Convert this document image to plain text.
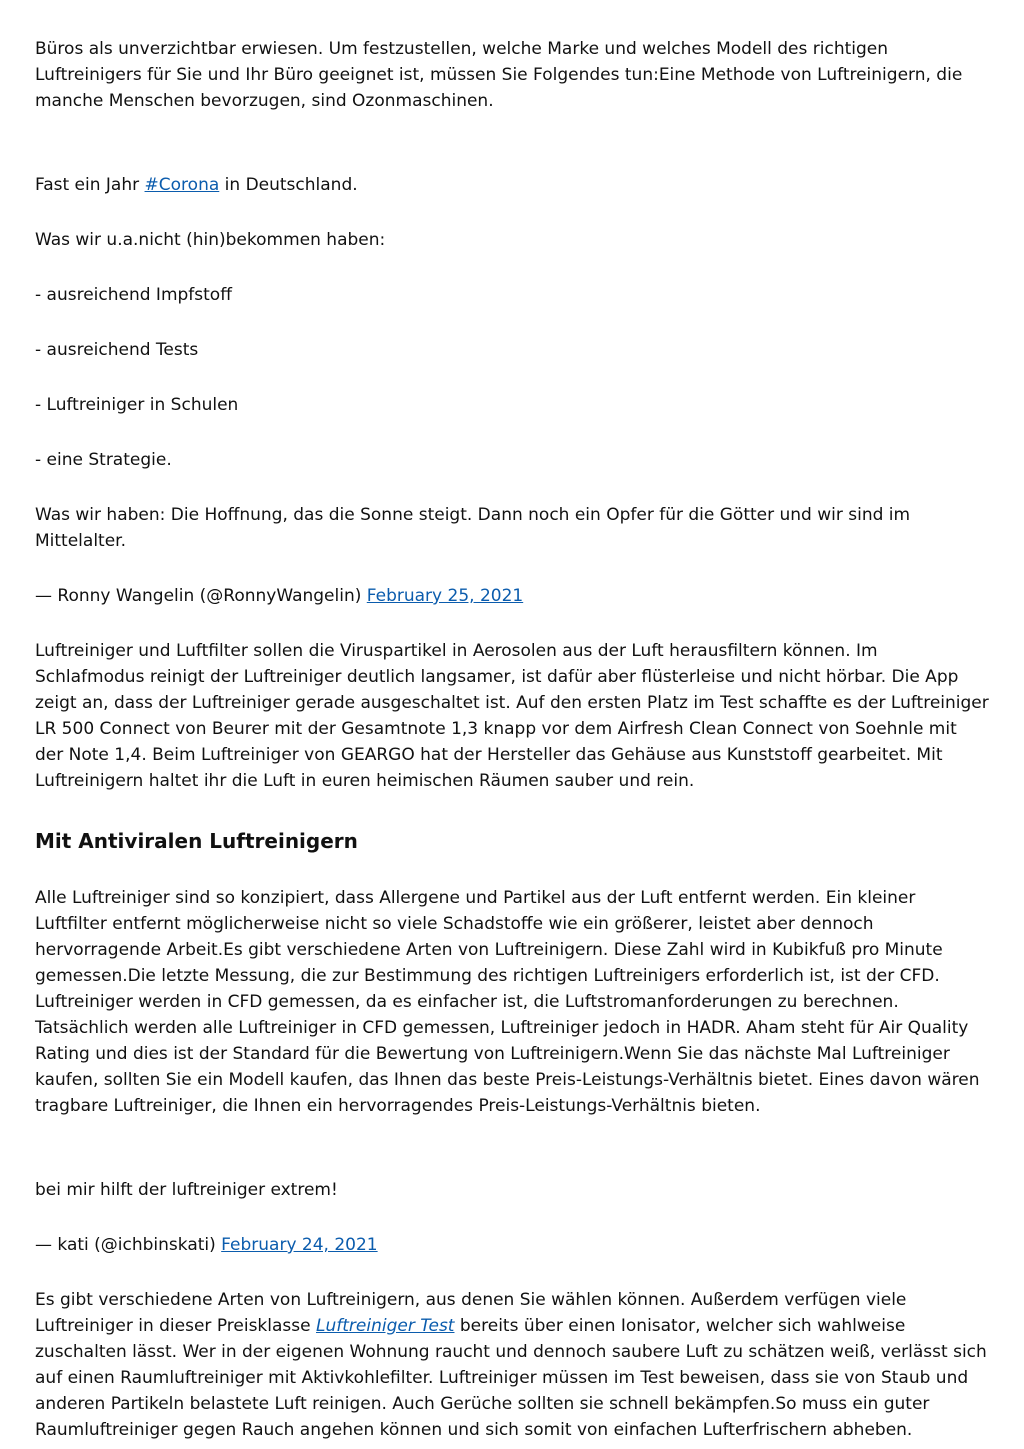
Büros als unverzichtbar erwiesen. Um festzustellen, welche Marke und welches Modell des richtigen Luftreinigers für Sie und Ihr Büro geeignet ist, müssen Sie Folgendes tun:Eine Methode von Luftreinigern, die manche Menschen bevorzugen, sind Ozonmaschinen.

Fast ein Jahr #Corona in Deutschland.

Was wir u.a.nicht (hin)bekommen haben:

- ausreichend Impfstoff

- ausreichend Tests

- Luftreiniger in Schulen

- eine Strategie.

Was wir haben: Die Hoffnung, das die Sonne steigt. Dann noch ein Opfer für die Götter und wir sind im Mittelalter.

— Ronny Wangelin (@RonnyWangelin) February 25, 2021

Luftreiniger und Luftfilter sollen die Viruspartikel in Aerosolen aus der Luft herausfiltern können. Im Schlafmodus reinigt der Luftreiniger deutlich langsamer, ist dafür aber flüsterleise und nicht hörbar. Die App zeigt an, dass der Luftreiniger gerade ausgeschaltet ist. Auf den ersten Platz im Test schaffte es der Luftreiniger LR 500 Connect von Beurer mit der Gesamtnote 1,3 knapp vor dem Airfresh Clean Connect von Soehnle mit der Note 1,4. Beim Luftreiniger von GEARGO hat der Hersteller das Gehäuse aus Kunststoff gearbeitet. Mit Luftreinigern haltet ihr die Luft in euren heimischen Räumen sauber und rein.

Mit Antiviralen Luftreinigern

Alle Luftreiniger sind so konzipiert, dass Allergene und Partikel aus der Luft entfernt werden. Ein kleiner Luftfilter entfernt möglicherweise nicht so viele Schadstoffe wie ein größerer, leistet aber dennoch hervorragende Arbeit.Es gibt verschiedene Arten von Luftreinigern. Diese Zahl wird in Kubikfuß pro Minute gemessen.Die letzte Messung, die zur Bestimmung des richtigen Luftreinigers erforderlich ist, ist der CFD. Luftreiniger werden in CFD gemessen, da es einfacher ist, die Luftstromanforderungen zu berechnen. Tatsächlich werden alle Luftreiniger in CFD gemessen, Luftreiniger jedoch in HADR. Aham steht für Air Quality Rating und dies ist der Standard für die Bewertung von Luftreinigern.Wenn Sie das nächste Mal Luftreiniger kaufen, sollten Sie ein Modell kaufen, das Ihnen das beste Preis-Leistungs-Verhältnis bietet. Eines davon wären tragbare Luftreiniger, die Ihnen ein hervorragendes Preis-Leistungs-Verhältnis bieten.

bei mir hilft der luftreiniger extrem!

— kati (@ichbinskati) February 24, 2021

Es gibt verschiedene Arten von Luftreinigern, aus denen Sie wählen können. Außerdem verfügen viele Luftreiniger in dieser Preisklasse Luftreiniger Test bereits über einen Ionisator, welcher sich wahlweise zuschalten lässt. Wer in der eigenen Wohnung raucht und dennoch saubere Luft zu schätzen weiß, verlässt sich auf einen Raumluftreiniger mit Aktivkohlefilter. Luftreiniger müssen im Test beweisen, dass sie von Staub und anderen Partikeln belastete Luft reinigen. Auch Gerüche sollten sie schnell bekämpfen.So muss ein guter Raumluftreiniger gegen Rauch angehen können und sich somit von einfachen Lufterfrischern abheben.
